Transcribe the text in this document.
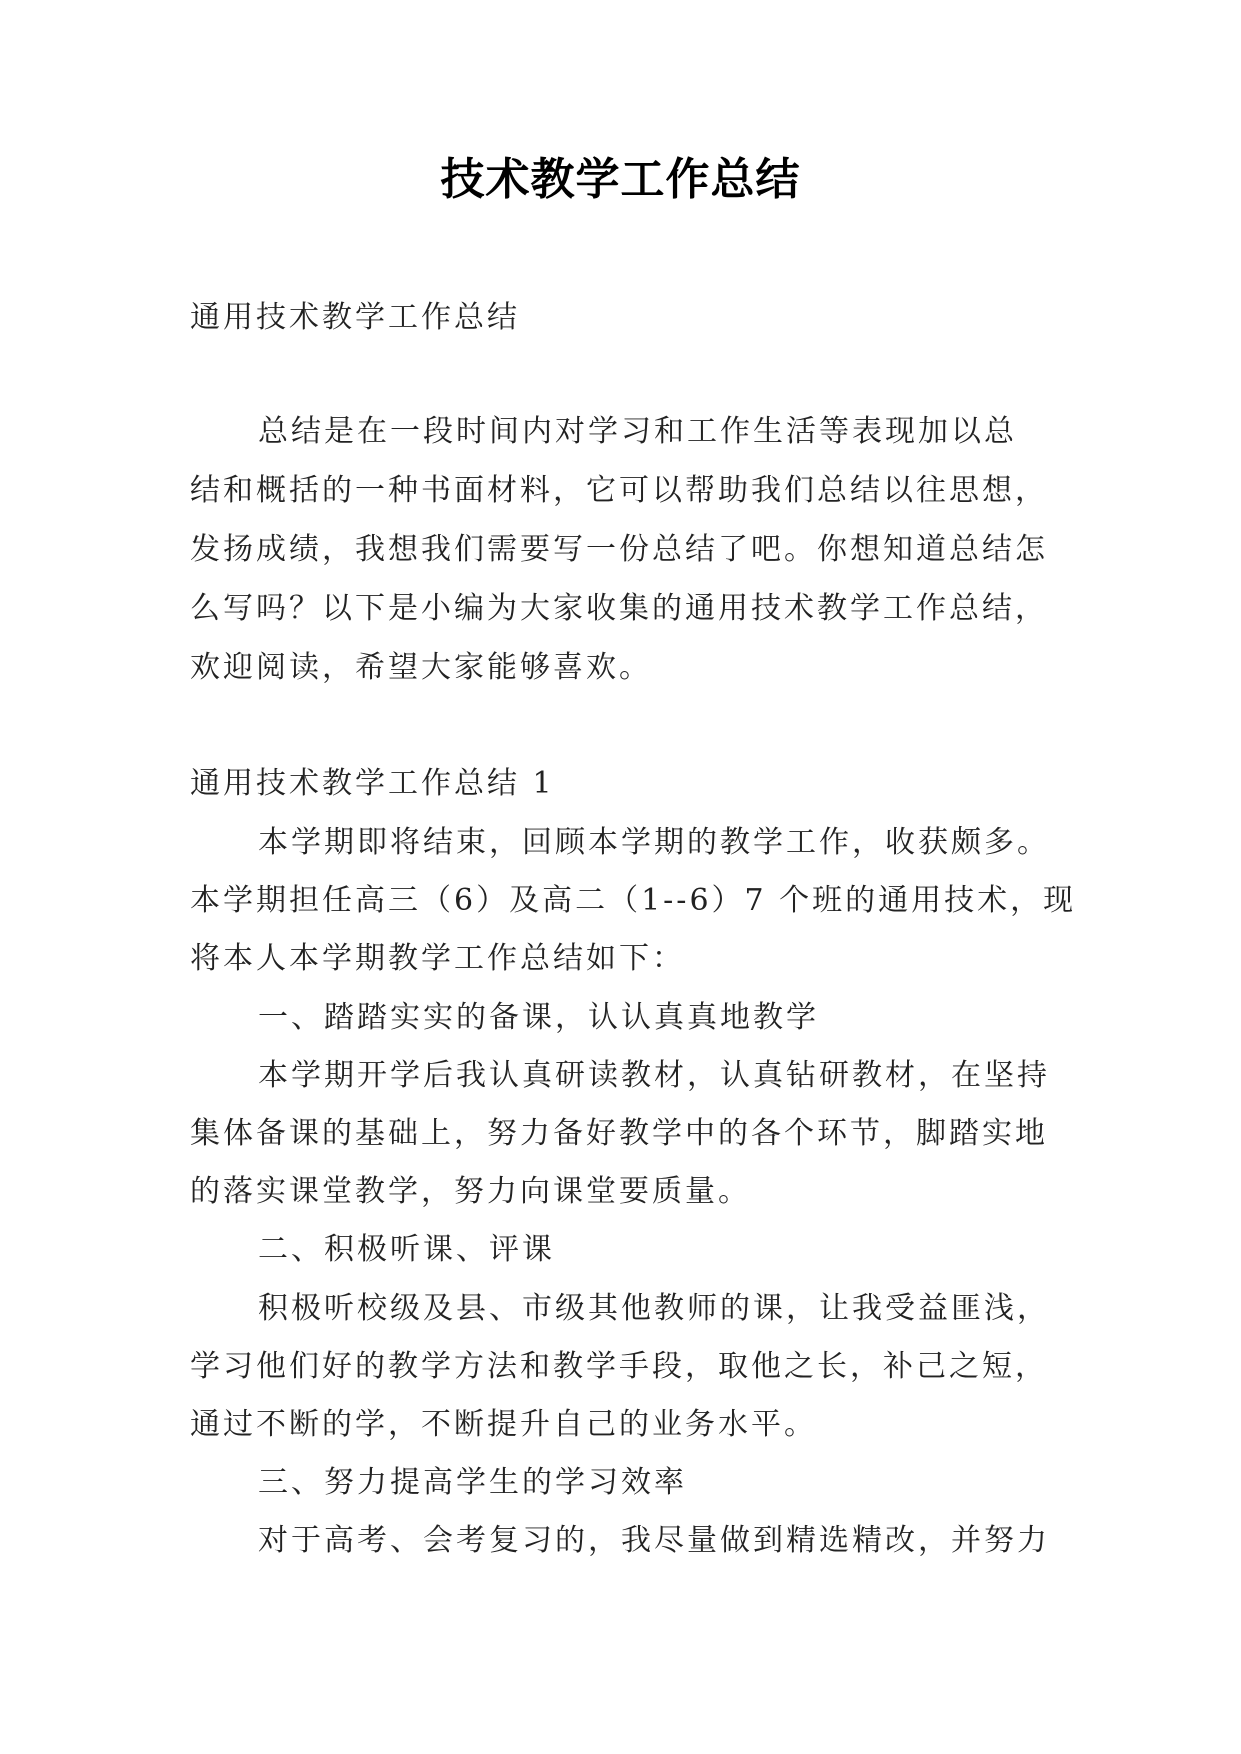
技术教学工作总结
通用技术教学工作总结
总结是在一段时间内对学习和工作生活等表现加以总
结和概括的一种书面材料，它可以帮助我们总结以往思想，
发扬成绩，我想我们需要写一份总结了吧。你想知道总结怎
么写吗？以下是小编为大家收集的通用技术教学工作总结，
欢迎阅读，希望大家能够喜欢。
通用技术教学工作总结 1
本学期即将结束，回顾本学期的教学工作，收获颇多。
本学期担任高三（6）及高二（1--6）7 个班的通用技术，现
将本人本学期教学工作总结如下：
一、踏踏实实的备课，认认真真地教学
本学期开学后我认真研读教材，认真钻研教材，在坚持
集体备课的基础上，努力备好教学中的各个环节，脚踏实地
的落实课堂教学，努力向课堂要质量。
二、积极听课、评课
积极听校级及县、市级其他教师的课，让我受益匪浅，
学习他们好的教学方法和教学手段，取他之长，补己之短，
通过不断的学，不断提升自己的业务水平。
三、努力提高学生的学习效率
对于高考、会考复习的，我尽量做到精选精改，并努力
